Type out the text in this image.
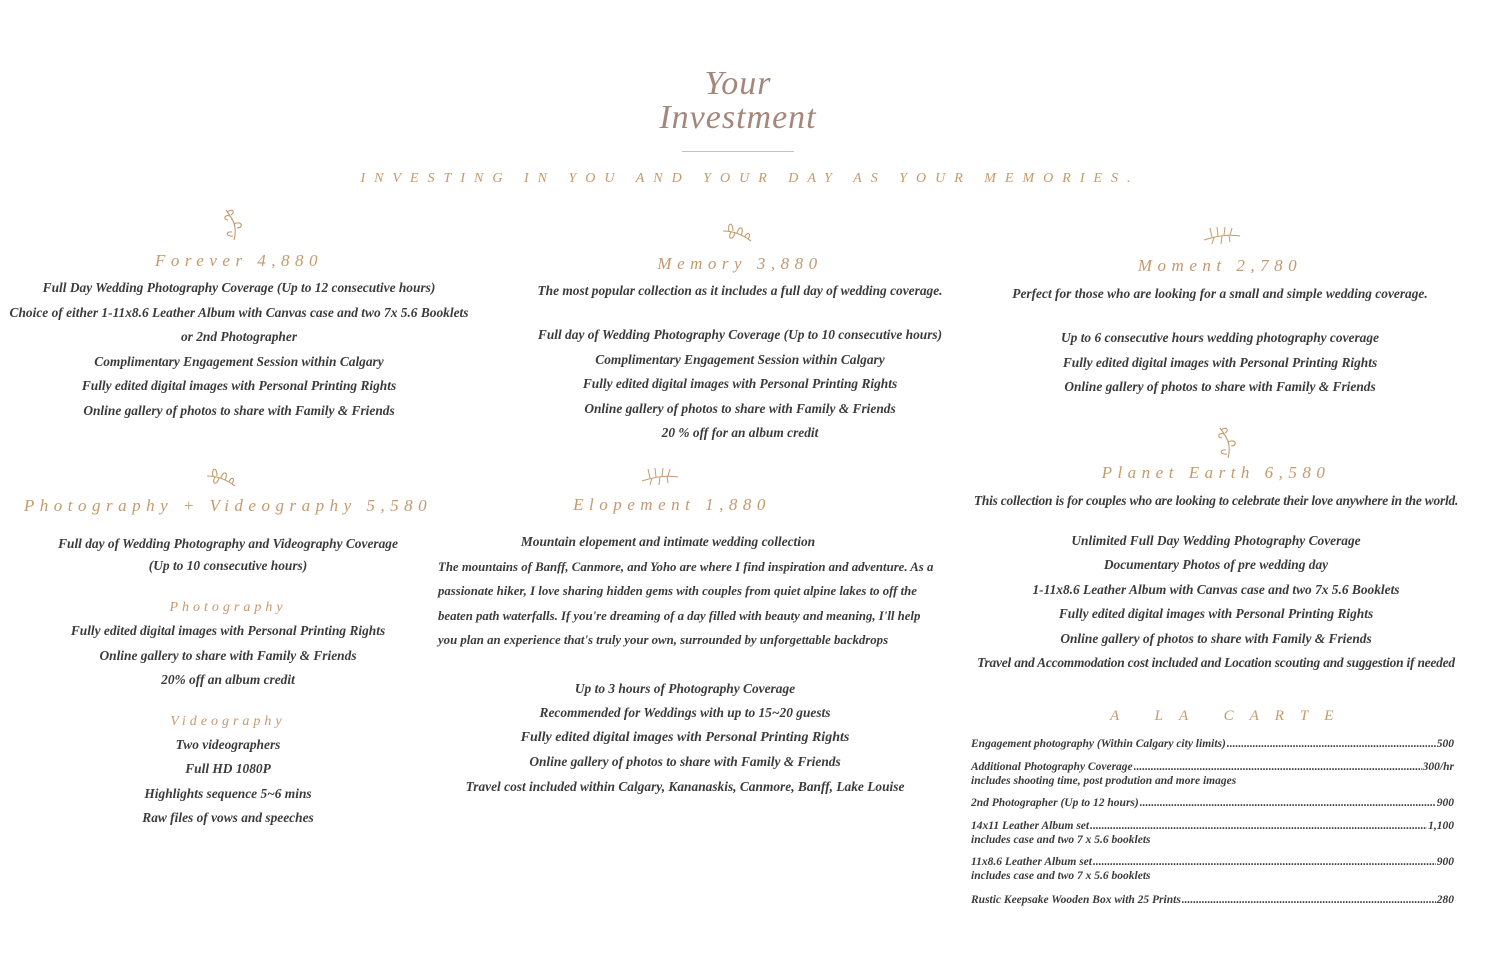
Your
Investment
INVESTING IN YOU AND YOUR DAY AS YOUR MEMORIES.
Forever 4,880
Full Day Wedding Photography Coverage (Up to 12 consecutive hours)
Choice of either 1-11x8.6 Leather Album with Canvas case and two 7x 5.6 Booklets
or 2nd Photographer
Complimentary Engagement Session within Calgary
Fully edited digital images with Personal Printing Rights
Online gallery of photos to share with Family & Friends
Memory 3,880
The most popular collection as it includes a full day of wedding coverage.
Full day of Wedding Photography Coverage (Up to 10 consecutive hours)
Complimentary Engagement Session within Calgary
Fully edited digital images with Personal Printing Rights
Online gallery of photos to share with Family & Friends
20 % off for an album credit
Moment 2,780
Perfect for those who are looking for a small and simple wedding coverage.
Up to 6 consecutive hours wedding photography coverage
Fully edited digital images with Personal Printing Rights
Online gallery of photos to share with Family & Friends
Photography + Videography 5,580
Full day of Wedding Photography and Videography Coverage
(Up to 10 consecutive hours)
Photography
Fully edited digital images with Personal Printing Rights
Online gallery to share with Family & Friends
20% off an album credit
Videography
Two videographers
Full HD 1080P
Highlights sequence 5~6 mins
Raw files of vows and speeches
Elopement 1,880
Mountain elopement and intimate wedding collection
The mountains of Banff, Canmore, and Yoho are where I find inspiration and adventure. As a passionate hiker, I love sharing hidden gems with couples from quiet alpine lakes to off the beaten path waterfalls. If you're dreaming of a day filled with beauty and meaning, I'll help you plan an experience that's truly your own, surrounded by unforgettable backdrops
Up to 3 hours of Photography Coverage
Recommended for Weddings with up to 15~20 guests
Fully edited digital images with Personal Printing Rights
Online gallery of photos to share with Family & Friends
Travel cost included within Calgary, Kananaskis, Canmore, Banff, Lake Louise
Planet Earth 6,580
This collection is for couples who are looking to celebrate their love anywhere in the world.
Unlimited Full Day Wedding Photography Coverage
Documentary Photos of pre wedding day
1-11x8.6 Leather Album with Canvas case and two 7x 5.6 Booklets
Fully edited digital images with Personal Printing Rights
Online gallery of photos to share with Family & Friends
Travel and Accommodation cost included and Location scouting and suggestion if needed
A LA CARTE
Engagement photography (Within Calgary city limits) .....	500
Additional Photography Coverage .....	300/hr
includes shooting time, post prodution and more images
2nd Photographer (Up to 12 hours) .....	900
14x11 Leather Album set .....	1,100
includes case and two 7 x 5.6 booklets
11x8.6 Leather Album set .....	900
includes case and two 7 x 5.6 booklets
Rustic Keepsake Wooden Box with 25 Prints .....	280
